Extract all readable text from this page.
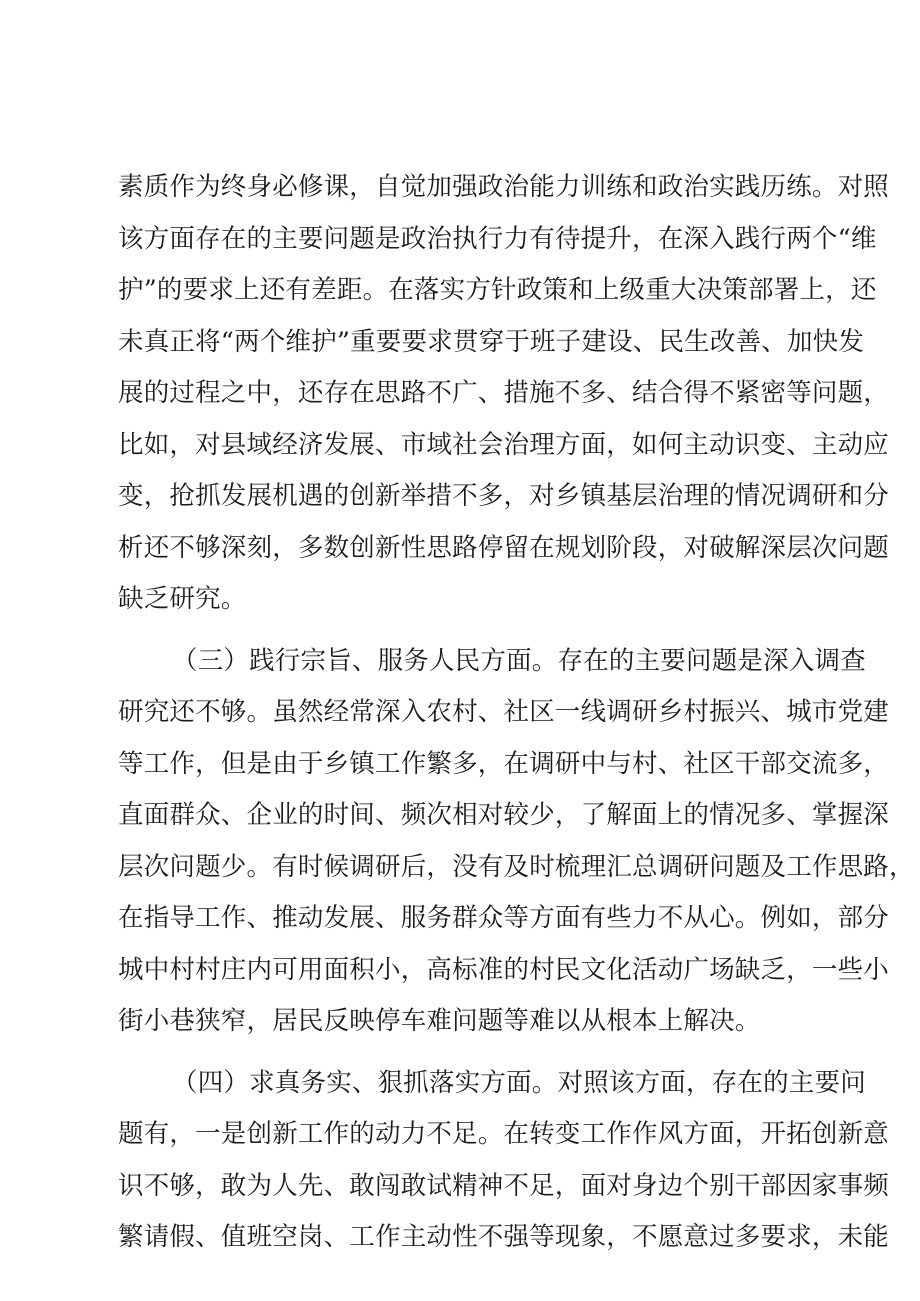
素质作为终身必修课，自觉加强政治能力训练和政治实践历练。对照
该方面存在的主要问题是政治执行力有待提升，在深入践行两个“维
护”的要求上还有差距。在落实方针政策和上级重大决策部署上，还
未真正将“两个维护”重要要求贯穿于班子建设、民生改善、加快发
展的过程之中，还存在思路不广、措施不多、结合得不紧密等问题，
比如，对县域经济发展、市域社会治理方面，如何主动识变、主动应
变，抢抓发展机遇的创新举措不多，对乡镇基层治理的情况调研和分
析还不够深刻，多数创新性思路停留在规划阶段，对破解深层次问题
缺乏研究。
（三）践行宗旨、服务人民方面。存在的主要问题是深入调查
研究还不够。虽然经常深入农村、社区一线调研乡村振兴、城市党建
等工作，但是由于乡镇工作繁多，在调研中与村、社区干部交流多，
直面群众、企业的时间、频次相对较少，了解面上的情况多、掌握深
层次问题少。有时候调研后，没有及时梳理汇总调研问题及工作思路，
在指导工作、推动发展、服务群众等方面有些力不从心。例如，部分
城中村村庄内可用面积小，高标准的村民文化活动广场缺乏，一些小
街小巷狭窄，居民反映停车难问题等难以从根本上解决。
（四）求真务实、狠抓落实方面。对照该方面，存在的主要问
题有，一是创新工作的动力不足。在转变工作作风方面，开拓创新意
识不够，敢为人先、敢闯敢试精神不足，面对身边个别干部因家事频
繁请假、值班空岗、工作主动性不强等现象，不愿意过多要求，未能
